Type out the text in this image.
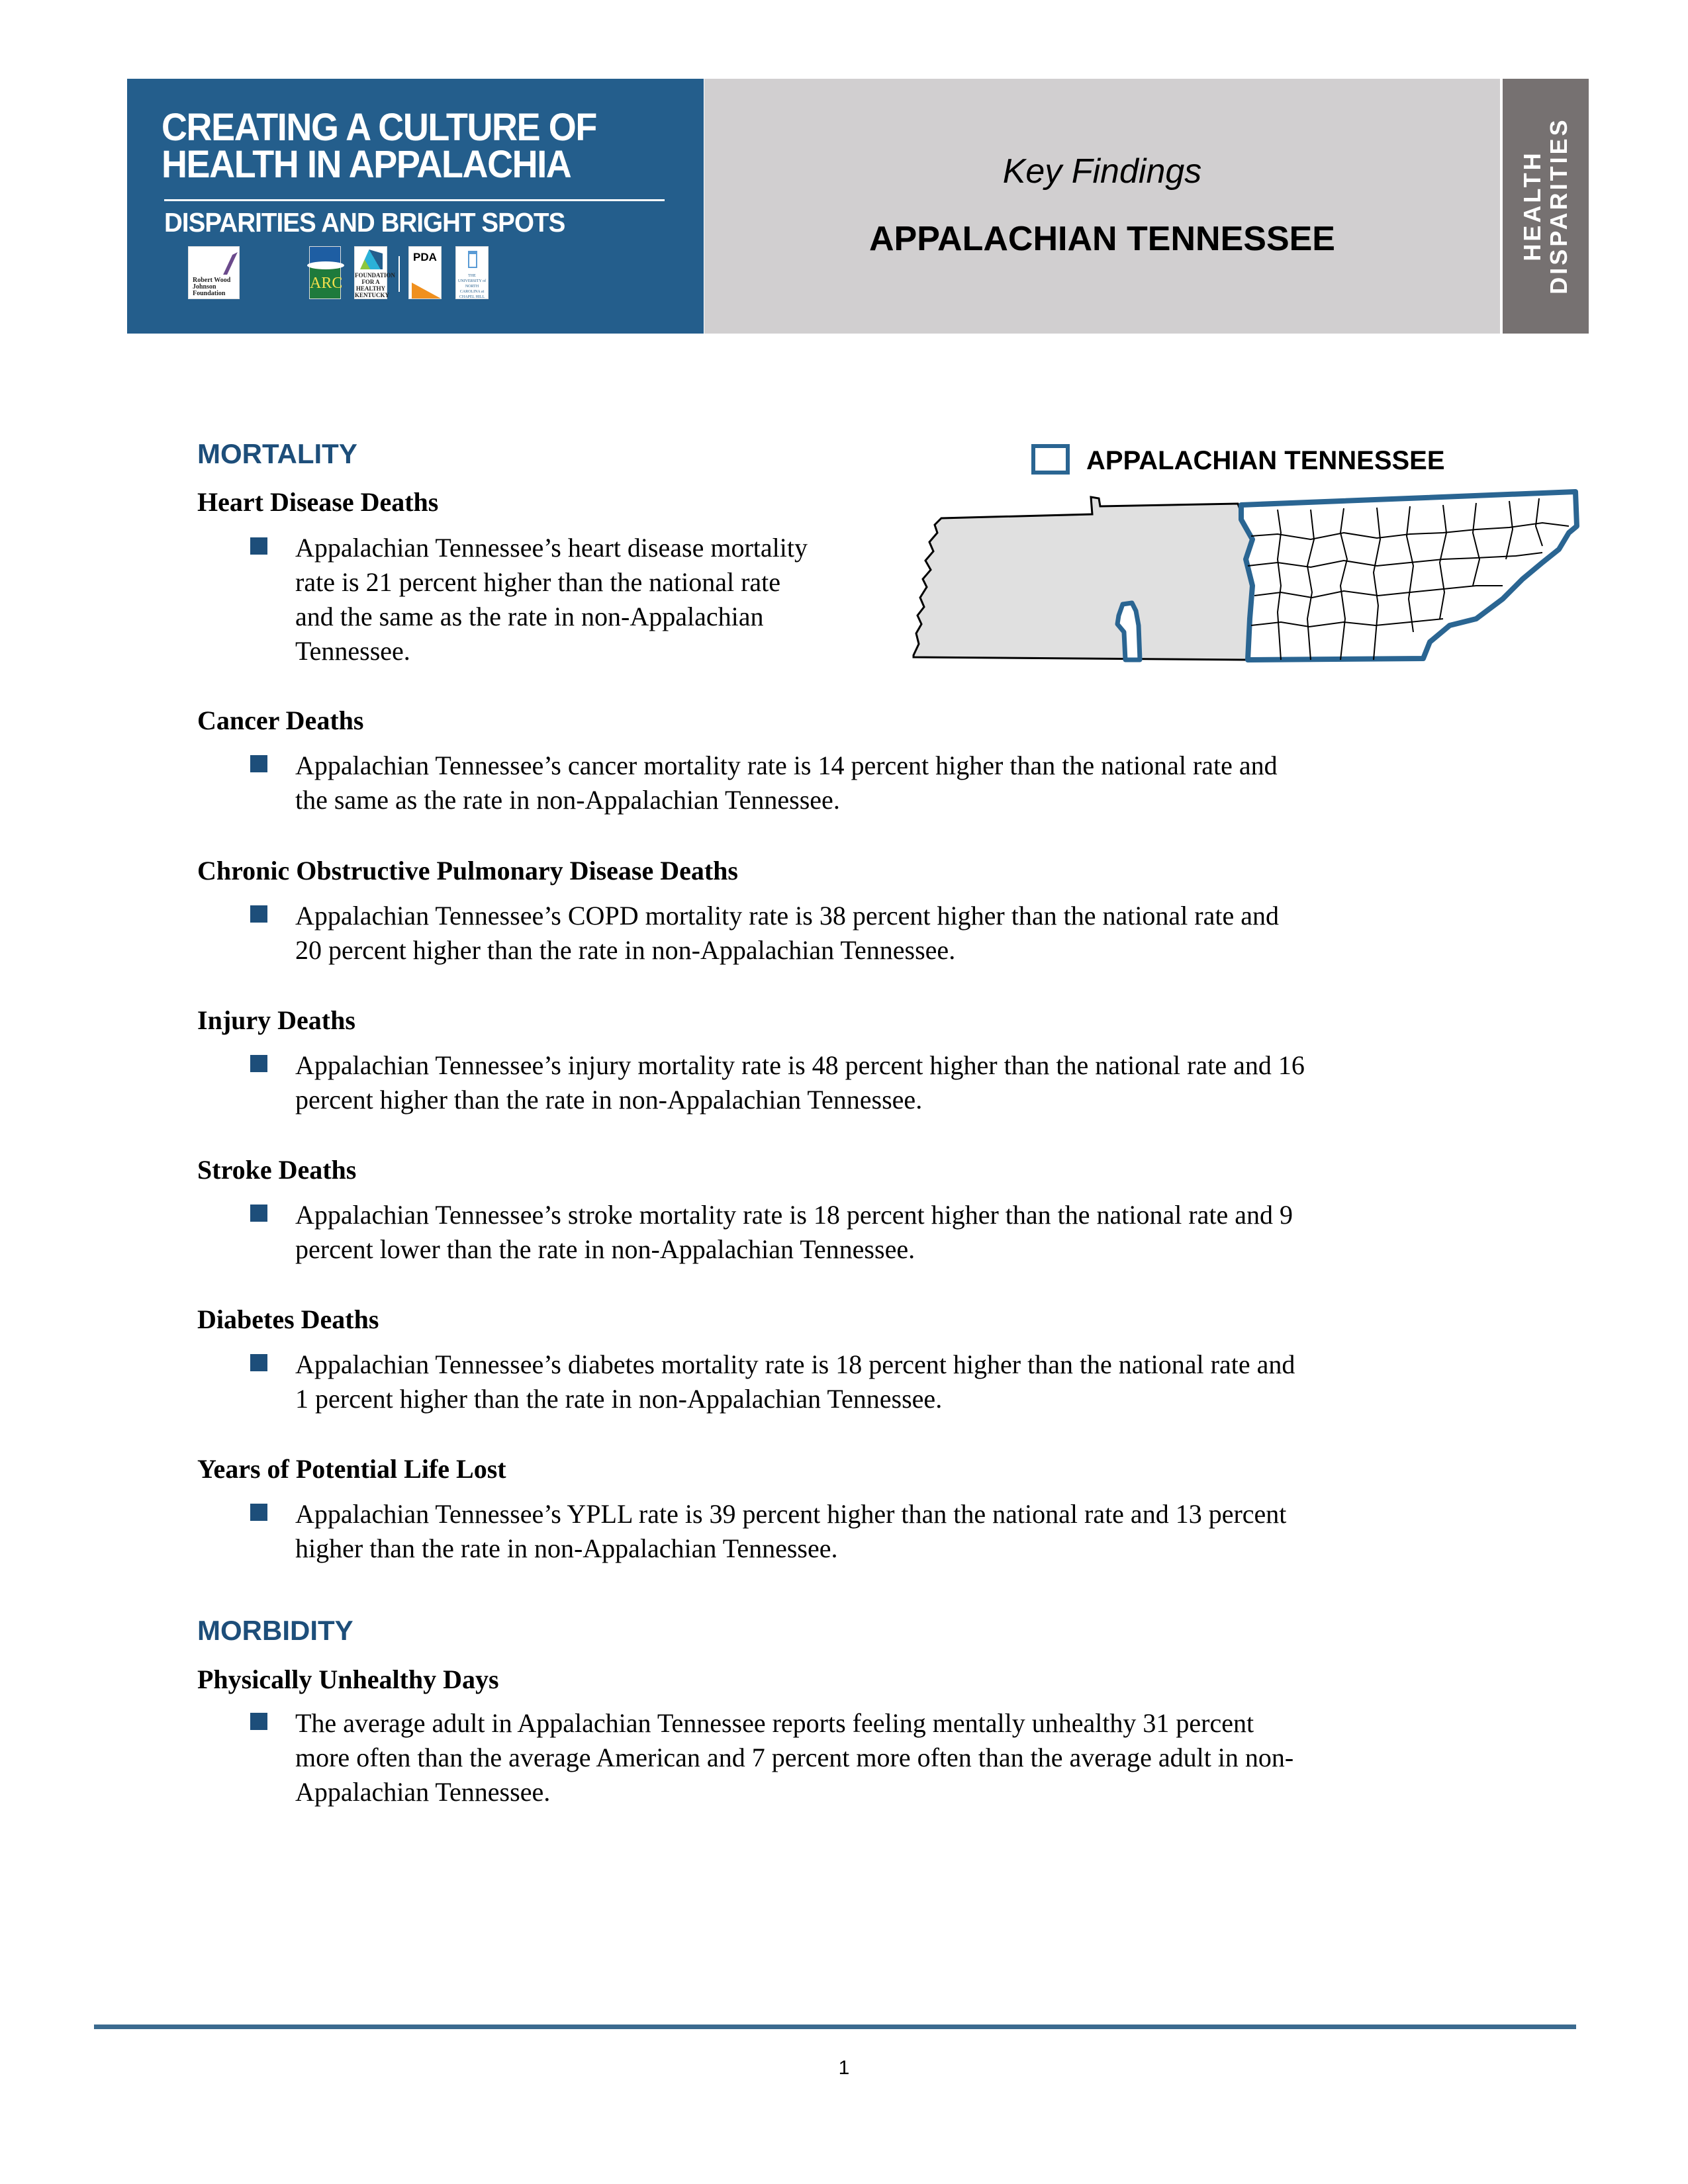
CREATING A CULTURE OF
HEALTH IN APPALACHIA
DISPARITIES AND BRIGHT SPOTS
Robert Wood Johnson Foundation
ARC FOUNDATION FOR A HEALTHY KENTUCKY
PDA
THE UNIVERSITY of NORTH CAROLINA at CHAPEL HILL
Key Findings
APPALACHIAN TENNESSEE	HEALTH DISPARITIES
APPALACHIAN TENNESSEE
MORTALITY
Heart Disease Deaths
Appalachian Tennessee’s heart disease mortality
rate is 21 percent higher than the national rate
and the same as the rate in non-Appalachian
Tennessee.
Cancer Deaths
Appalachian Tennessee’s cancer mortality rate is 14 percent higher than the national rate and
the same as the rate in non-Appalachian Tennessee.
Chronic Obstructive Pulmonary Disease Deaths
Appalachian Tennessee’s COPD mortality rate is 38 percent higher than the national rate and
20 percent higher than the rate in non-Appalachian Tennessee.
Injury Deaths
Appalachian Tennessee’s injury mortality rate is 48 percent higher than the national rate and 16
percent higher than the rate in non-Appalachian Tennessee.
Stroke Deaths
Appalachian Tennessee’s stroke mortality rate is 18 percent higher than the national rate and 9
percent lower than the rate in non-Appalachian Tennessee.
Diabetes Deaths
Appalachian Tennessee’s diabetes mortality rate is 18 percent higher than the national rate and
1 percent higher than the rate in non-Appalachian Tennessee.
Years of Potential Life Lost
Appalachian Tennessee’s YPLL rate is 39 percent higher than the national rate and 13 percent
higher than the rate in non-Appalachian Tennessee.
MORBIDITY
Physically Unhealthy Days
The average adult in Appalachian Tennessee reports feeling mentally unhealthy 31 percent
more often than the average American and 7 percent more often than the average adult in non-
Appalachian Tennessee.
1
